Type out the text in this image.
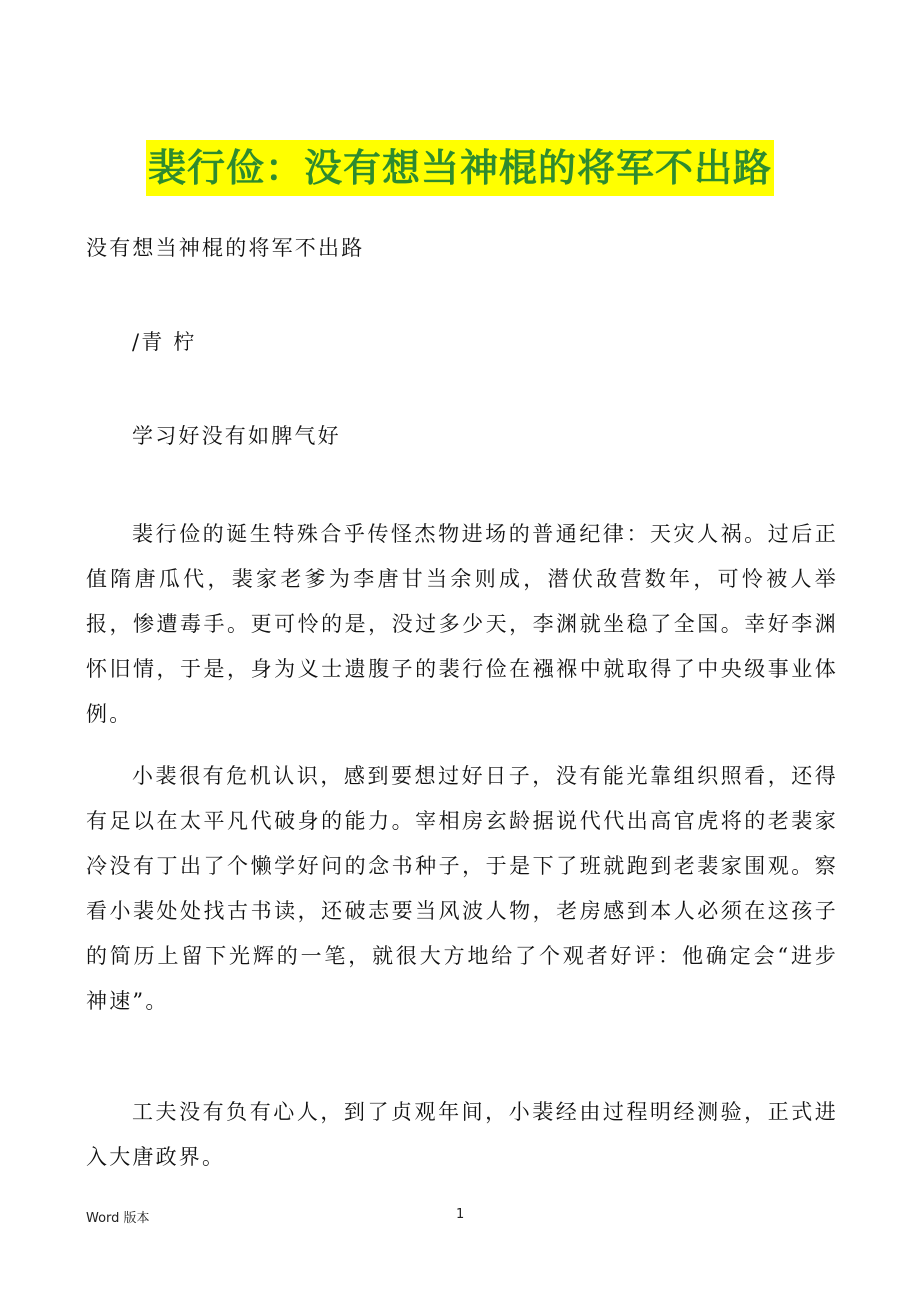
裴行俭：没有想当神棍的将军不出路
没有想当神棍的将军不出路
/青 柠
学习好没有如脾气好

裴行俭的诞生特殊合乎传怪杰物进场的普通纪律：天灾人祸。过后正值隋唐瓜代，裴家老爹为李唐甘当余则成，潜伏敌营数年，可怜被人举报，惨遭毒手。更可怜的是，没过多少天，李渊就坐稳了全国。幸好李渊怀旧情，于是，身为义士遗腹子的裴行俭在襁褓中就取得了中央级事业体例。

小裴很有危机认识，感到要想过好日子，没有能光靠组织照看，还得有足以在太平凡代破身的能力。宰相房玄龄据说代代出高官虎将的老裴家冷没有丁出了个懒学好问的念书种子，于是下了班就跑到老裴家围观。察看小裴处处找古书读，还破志要当风波人物，老房感到本人必须在这孩子的简历上留下光辉的一笔，就很大方地给了个观者好评：他确定会“进步神速”。

工夫没有负有心人，到了贞观年间，小裴经由过程明经测验，正式进入大唐政界。

Word 版本	1
